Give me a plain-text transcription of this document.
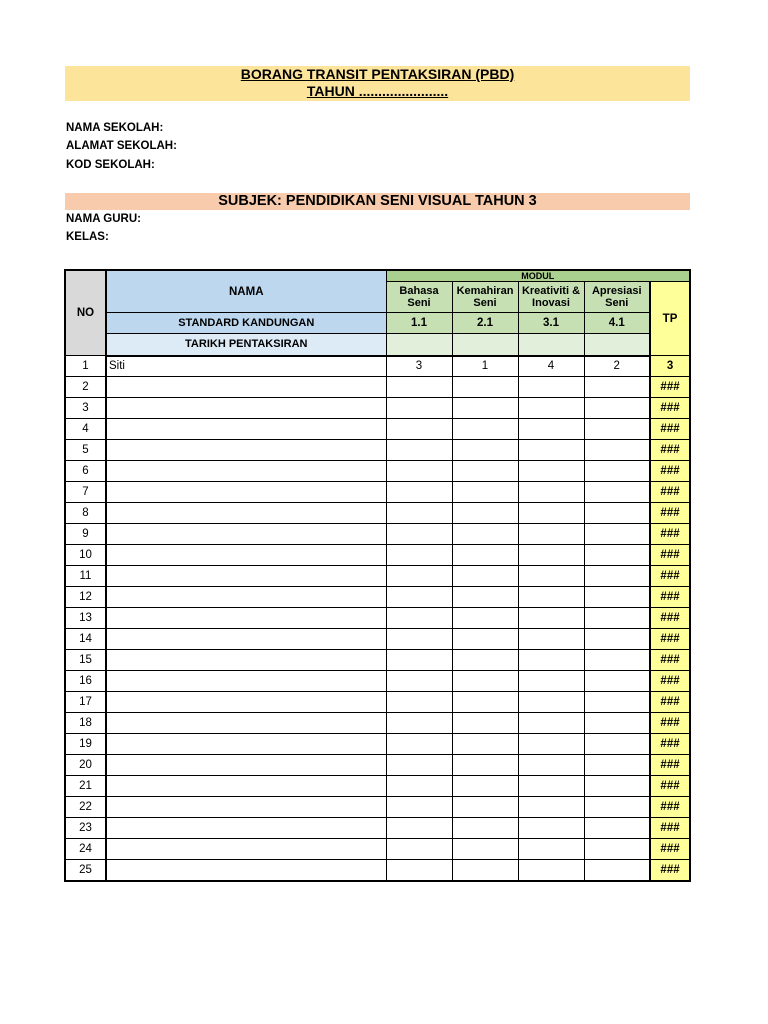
BORANG TRANSIT PENTAKSIRAN (PBD)
TAHUN .......................
NAMA SEKOLAH:
ALAMAT SEKOLAH:
KOD SEKOLAH:
SUBJEK: PENDIDIKAN SENI VISUAL TAHUN 3
NAMA GURU:
KELAS:
NO	NAMA	MODUL				
		Bahasa Seni	Kemahiran Seni	Kreativiti & Inovasi	Apresiasi Seni	TP
	STANDARD KANDUNGAN	1.1	2.1	3.1	4.1	
	TARIKH PENTAKSIRAN					
1	Siti	3	1	4	2	3
2						###
3						###
4						###
5						###
6						###
7						###
8						###
9						###
10						###
11						###
12						###
13						###
14						###
15						###
16						###
17						###
18						###
19						###
20						###
21						###
22						###
23						###
24						###
25						###
